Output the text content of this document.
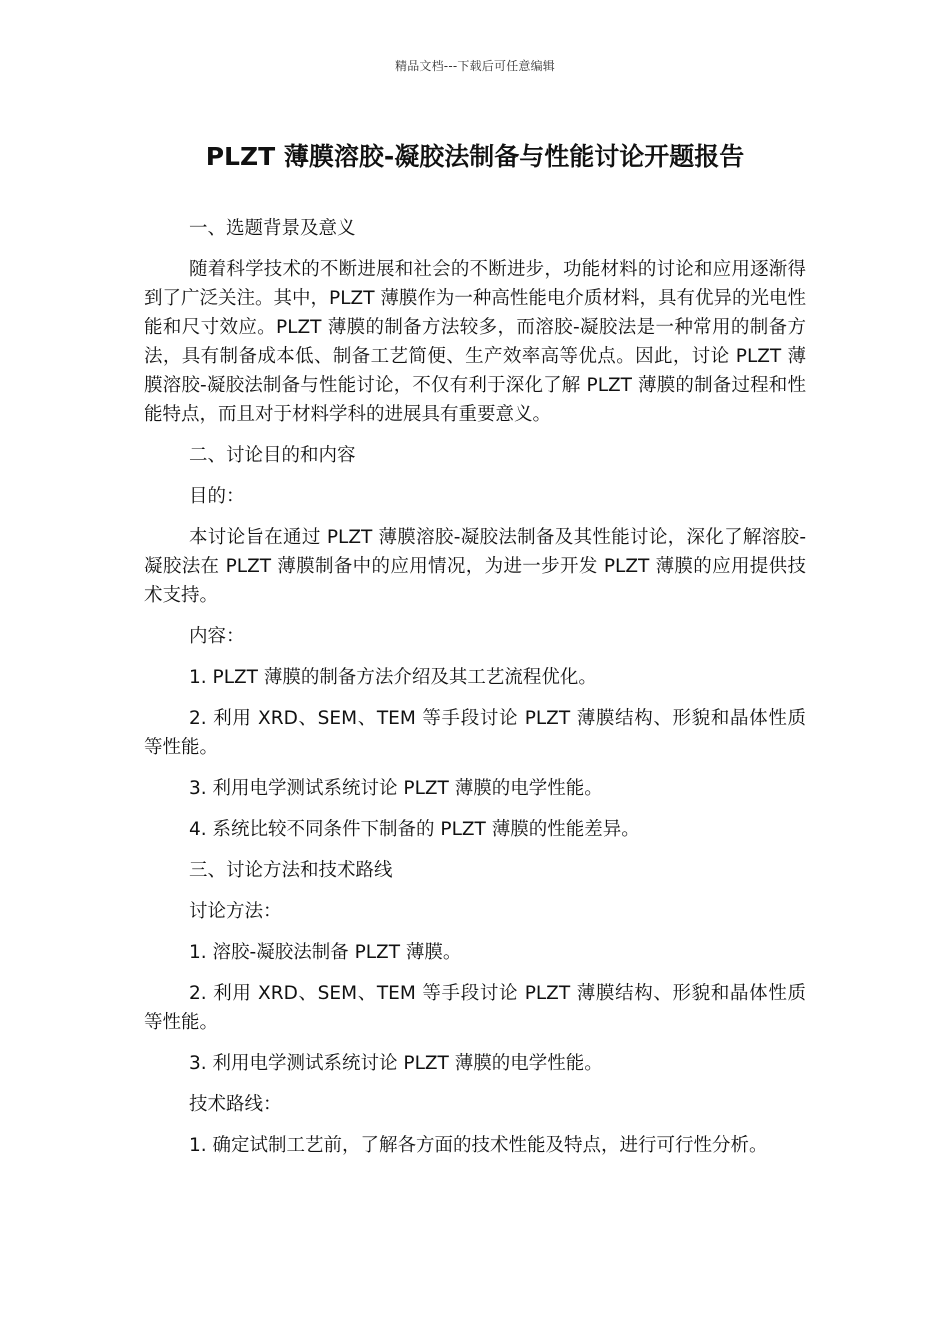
精品文档---下载后可任意编辑
PLZT 薄膜溶胶-凝胶法制备与性能讨论开题报告

一、选题背景及意义

随着科学技术的不断进展和社会的不断进步，功能材料的讨论和应用逐渐得到了广泛关注。其中，PLZT 薄膜作为一种高性能电介质材料，具有优异的光电性能和尺寸效应。PLZT 薄膜的制备方法较多，而溶胶-凝胶法是一种常用的制备方法，具有制备成本低、制备工艺简便、生产效率高等优点。因此，讨论 PLZT 薄膜溶胶-凝胶法制备与性能讨论，不仅有利于深化了解 PLZT 薄膜的制备过程和性能特点，而且对于材料学科的进展具有重要意义。

二、讨论目的和内容

目的：

本讨论旨在通过 PLZT 薄膜溶胶-凝胶法制备及其性能讨论，深化了解溶胶-凝胶法在 PLZT 薄膜制备中的应用情况，为进一步开发 PLZT 薄膜的应用提供技术支持。

内容：

1. PLZT 薄膜的制备方法介绍及其工艺流程优化。

2. 利用 XRD、SEM、TEM 等手段讨论 PLZT 薄膜结构、形貌和晶体性质等性能。

3. 利用电学测试系统讨论 PLZT 薄膜的电学性能。

4. 系统比较不同条件下制备的 PLZT 薄膜的性能差异。

三、讨论方法和技术路线

讨论方法：

1. 溶胶-凝胶法制备 PLZT 薄膜。

2. 利用 XRD、SEM、TEM 等手段讨论 PLZT 薄膜结构、形貌和晶体性质等性能。

3. 利用电学测试系统讨论 PLZT 薄膜的电学性能。

技术路线：

1. 确定试制工艺前，了解各方面的技术性能及特点，进行可行性分析。
